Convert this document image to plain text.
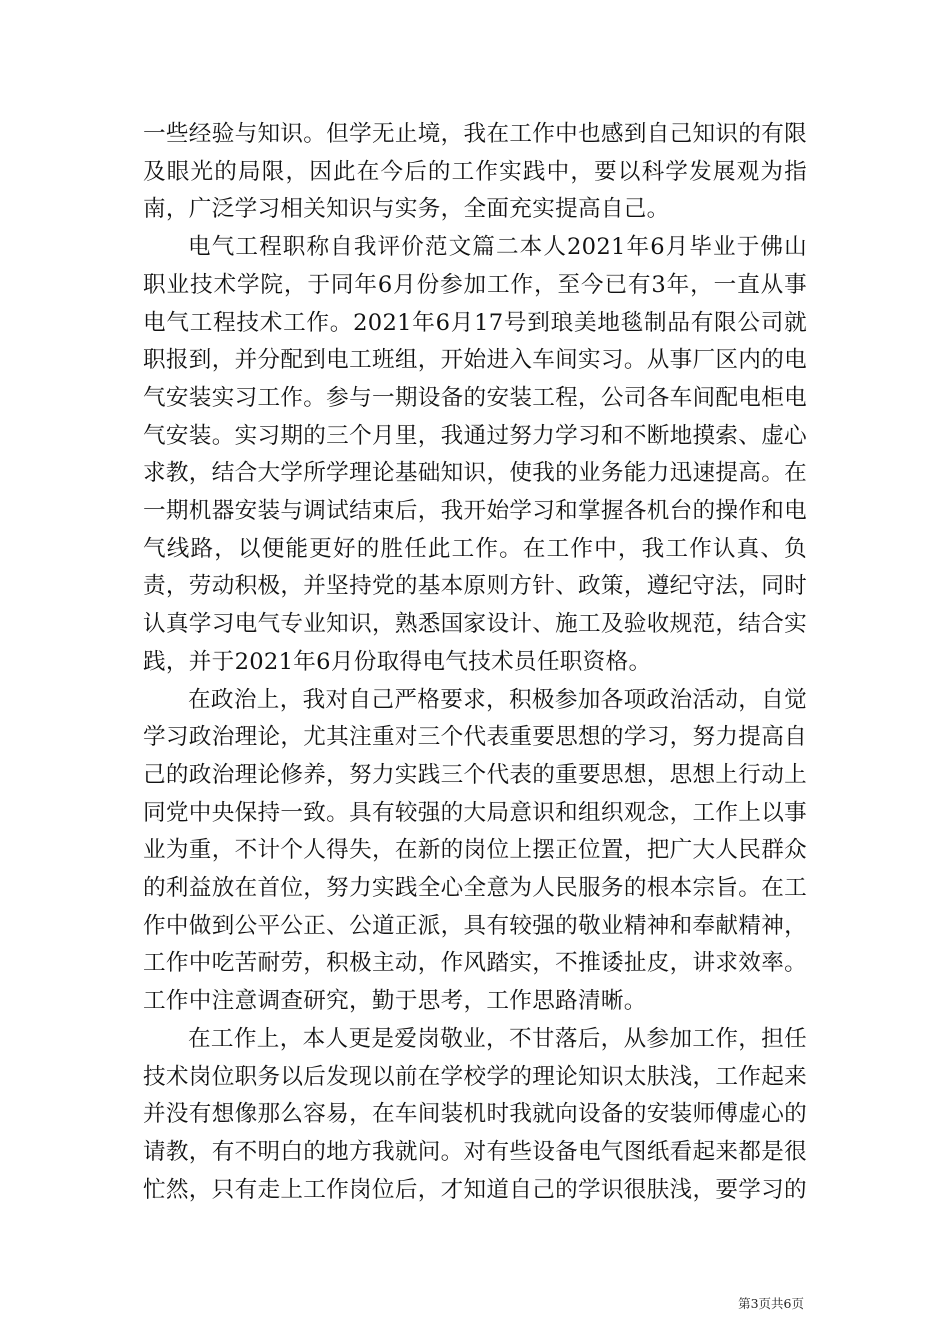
一些经验与知识。但学无止境，我在工作中也感到自己知识的有限及眼光的局限，因此在今后的工作实践中，要以科学发展观为指南，广泛学习相关知识与实务，全面充实提高自己。

电气工程职称自我评价范文篇二本人2021年6月毕业于佛山职业技术学院，于同年6月份参加工作，至今已有3年，一直从事电气工程技术工作。2021年6月17号到琅美地毯制品有限公司就职报到，并分配到电工班组，开始进入车间实习。从事厂区内的电气安装实习工作。参与一期设备的安装工程，公司各车间配电柜电气安装。实习期的三个月里，我通过努力学习和不断地摸索、虚心求教，结合大学所学理论基础知识，使我的业务能力迅速提高。在一期机器安装与调试结束后，我开始学习和掌握各机台的操作和电气线路，以便能更好的胜任此工作。在工作中，我工作认真、负责，劳动积极，并坚持党的基本原则方针、政策，遵纪守法，同时认真学习电气专业知识，熟悉国家设计、施工及验收规范，结合实践，并于2021年6月份取得电气技术员任职资格。

在政治上，我对自己严格要求，积极参加各项政治活动，自觉学习政治理论，尤其注重对三个代表重要思想的学习，努力提高自己的政治理论修养，努力实践三个代表的重要思想，思想上行动上同党中央保持一致。具有较强的大局意识和组织观念，工作上以事业为重，不计个人得失，在新的岗位上摆正位置，把广大人民群众的利益放在首位，努力实践全心全意为人民服务的根本宗旨。在工作中做到公平公正、公道正派，具有较强的敬业精神和奉献精神，工作中吃苦耐劳，积极主动，作风踏实，不推诿扯皮，讲求效率。工作中注意调查研究，勤于思考，工作思路清晰。

在工作上，本人更是爱岗敬业，不甘落后，从参加工作，担任技术岗位职务以后发现以前在学校学的理论知识太肤浅，工作起来并没有想像那么容易，在车间装机时我就向设备的安装师傅虚心的请教，有不明白的地方我就问。对有些设备电气图纸看起来都是很忙然，只有走上工作岗位后，才知道自己的学识很肤浅，要学习的

第3页共6页
